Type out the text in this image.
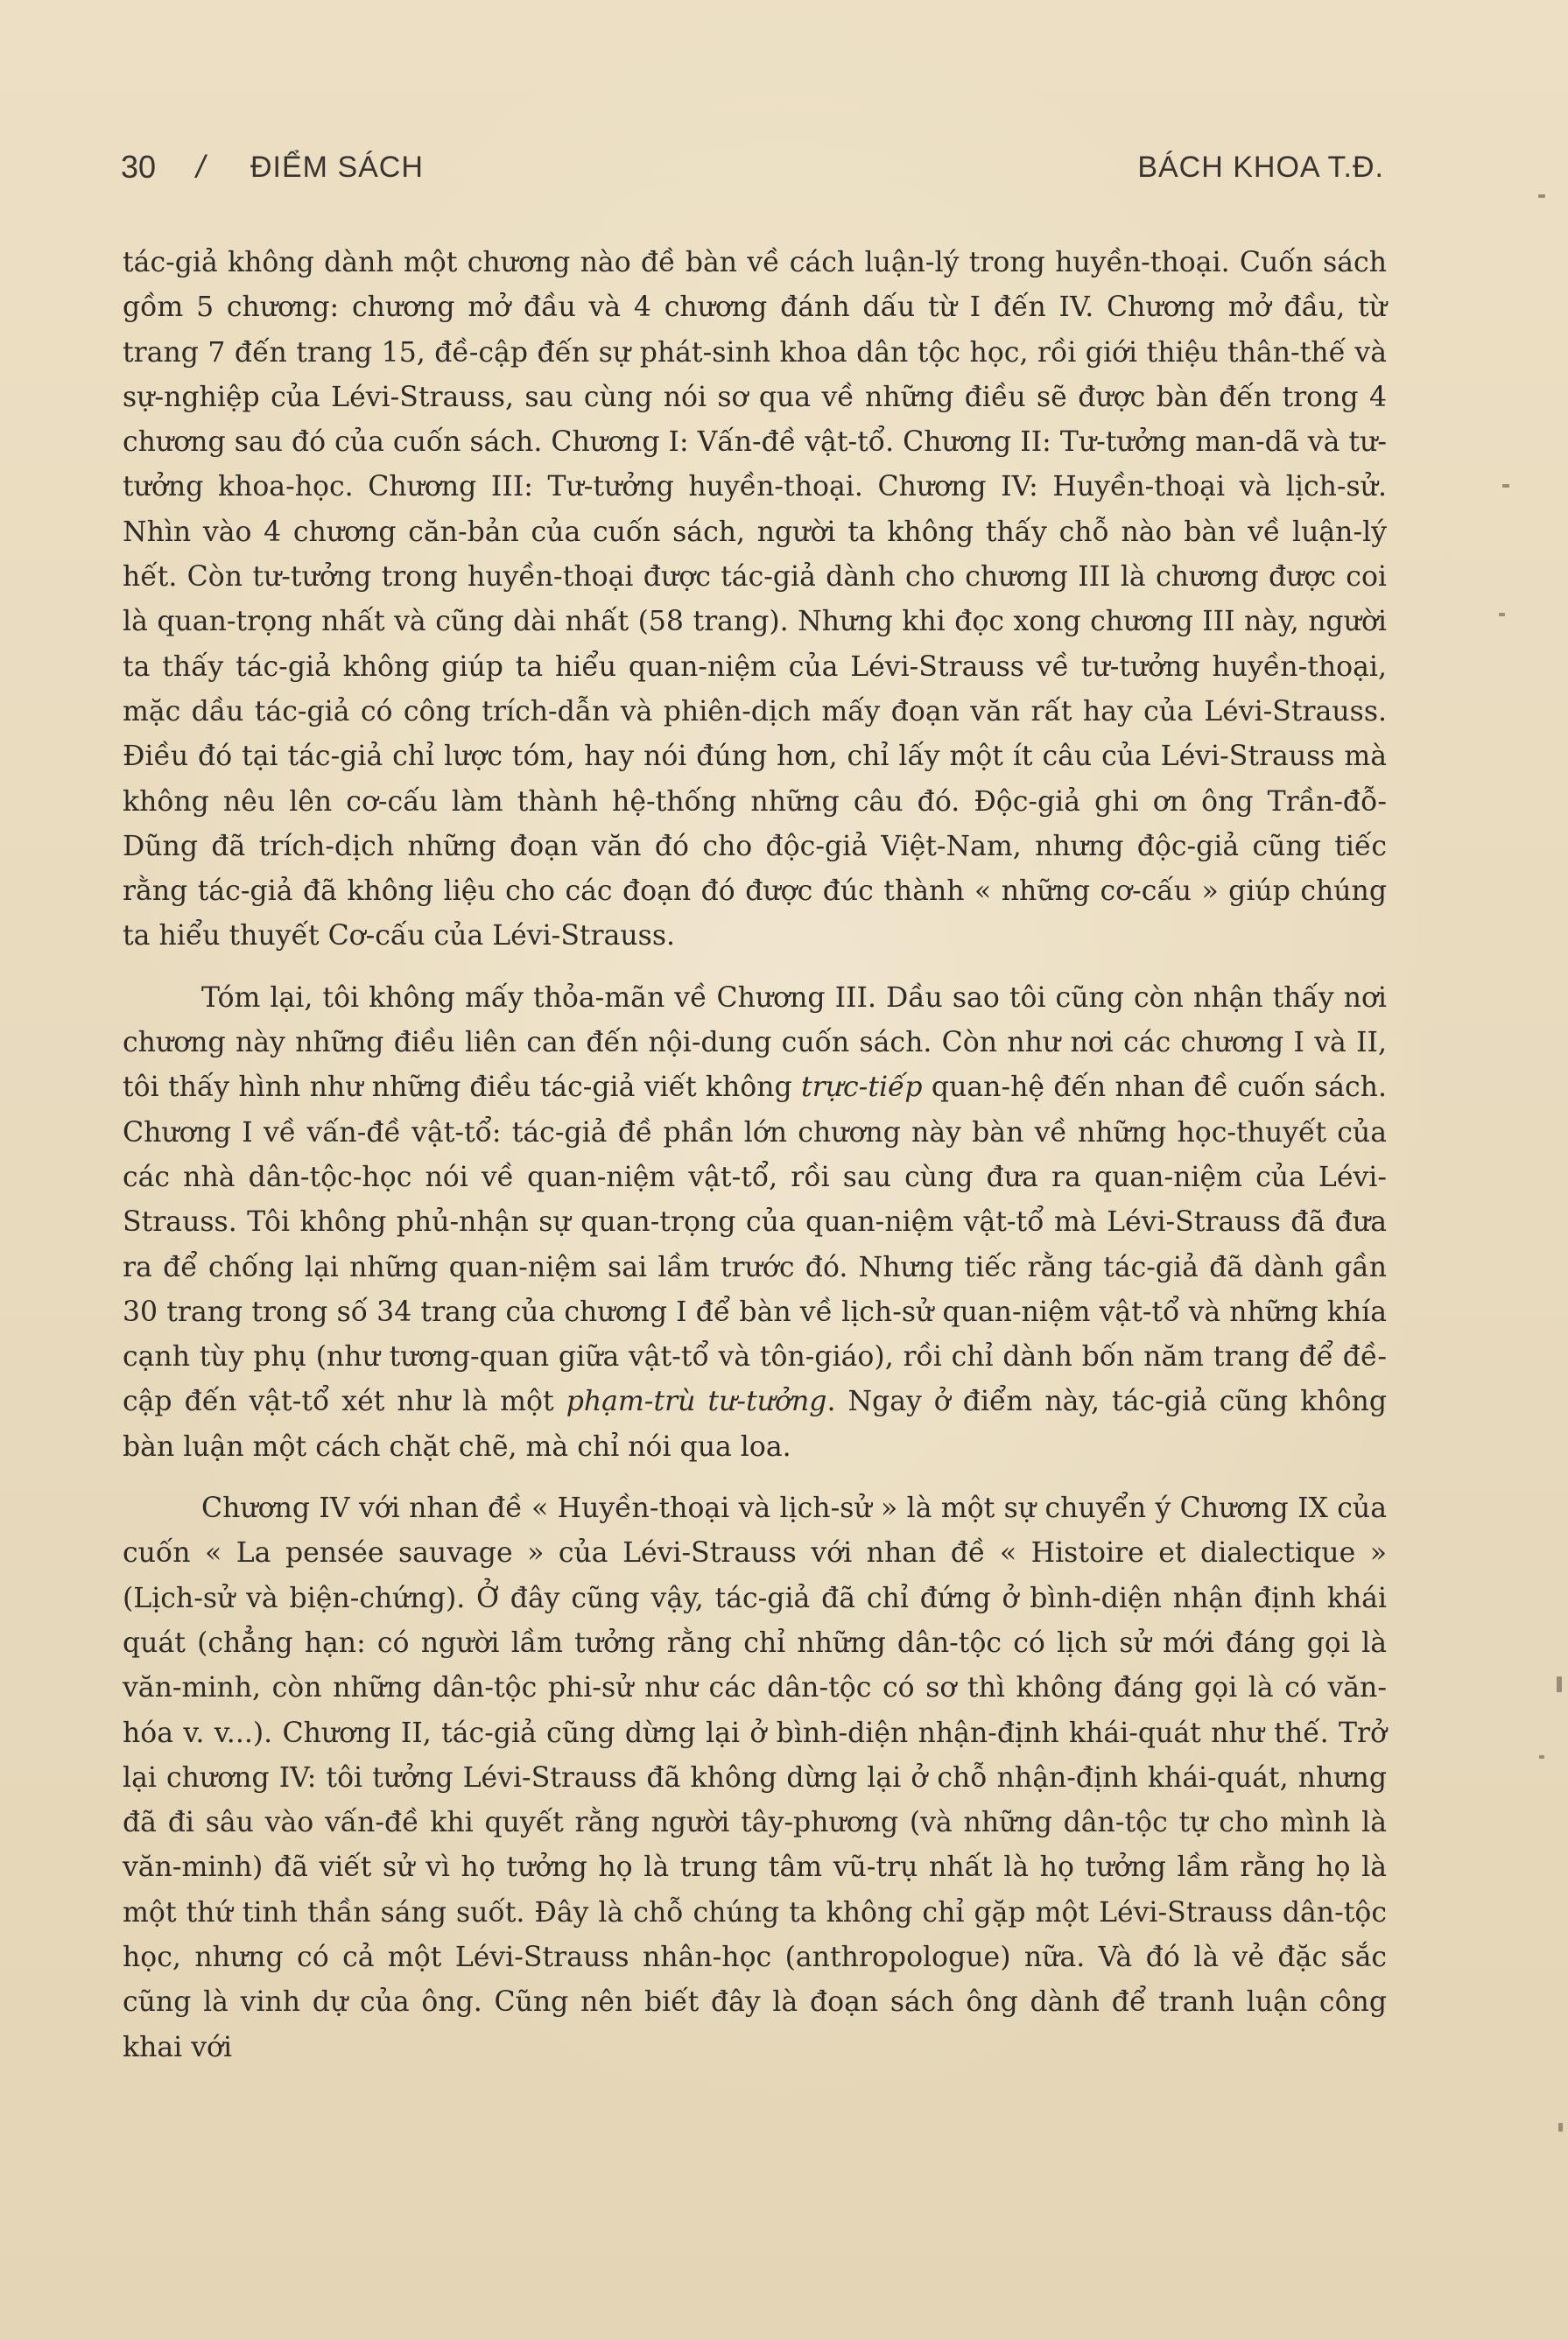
30 / ĐIỂM SÁCH	BÁCH KHOA T.Đ.

tác-giả không dành một chương nào đề bàn về cách luận-lý trong huyền-thoại. Cuốn sách gồm 5 chương: chương mở đầu và 4 chương đánh dấu từ I đến IV. Chương mở đầu, từ trang 7 đến trang 15, đề-cập đến sự phát-sinh khoa dân tộc học, rồi giới thiệu thân-thế và sự-nghiệp của Lévi-Strauss, sau cùng nói sơ qua về những điều sẽ được bàn đến trong 4 chương sau đó của cuốn sách. Chương I: Vấn-đề vật-tổ. Chương II: Tư-tưởng man-dã và tư-tưởng khoa-học. Chương III: Tư-tưởng huyền-thoại. Chương IV: Huyền-thoại và lịch-sử. Nhìn vào 4 chương căn-bản của cuốn sách, người ta không thấy chỗ nào bàn về luận-lý hết. Còn tư-tưởng trong huyền-thoại được tác-giả dành cho chương III là chương được coi là quan-trọng nhất và cũng dài nhất (58 trang). Nhưng khi đọc xong chương III này, người ta thấy tác-giả không giúp ta hiểu quan-niệm của Lévi-Strauss về tư-tưởng huyền-thoại, mặc dầu tác-giả có công trích-dẫn và phiên-dịch mấy đoạn văn rất hay của Lévi-Strauss. Điều đó tại tác-giả chỉ lược tóm, hay nói đúng hơn, chỉ lấy một ít câu của Lévi-Strauss mà không nêu lên cơ-cấu làm thành hệ-thống những câu đó. Độc-giả ghi ơn ông Trần-đỗ-Dũng đã trích-dịch những đoạn văn đó cho độc-giả Việt-Nam, nhưng độc-giả cũng tiếc rằng tác-giả đã không liệu cho các đoạn đó được đúc thành « những cơ-cấu » giúp chúng ta hiểu thuyết Cơ-cấu của Lévi-Strauss.

Tóm lại, tôi không mấy thỏa-mãn về Chương III. Dầu sao tôi cũng còn nhận thấy nơi chương này những điều liên can đến nội-dung cuốn sách. Còn như nơi các chương I và II, tôi thấy hình như những điều tác-giả viết không trực-tiếp quan-hệ đến nhan đề cuốn sách. Chương I về vấn-đề vật-tổ: tác-giả đề phần lớn chương này bàn về những học-thuyết của các nhà dân-tộc-học nói về quan-niệm vật-tổ, rồi sau cùng đưa ra quan-niệm của Lévi-Strauss. Tôi không phủ-nhận sự quan-trọng của quan-niệm vật-tổ mà Lévi-Strauss đã đưa ra để chống lại những quan-niệm sai lầm trước đó. Nhưng tiếc rằng tác-giả đã dành gần 30 trang trong số 34 trang của chương I để bàn về lịch-sử quan-niệm vật-tổ và những khía cạnh tùy phụ (như tương-quan giữa vật-tổ và tôn-giáo), rồi chỉ dành bốn năm trang để đề-cập đến vật-tổ xét như là một phạm-trù tư-tưởng. Ngay ở điểm này, tác-giả cũng không bàn luận một cách chặt chẽ, mà chỉ nói qua loa.

Chương IV với nhan đề « Huyền-thoại và lịch-sử » là một sự chuyển ý Chương IX của cuốn « La pensée sauvage » của Lévi-Strauss với nhan đề « Histoire et dialectique » (Lịch-sử và biện-chứng). Ở đây cũng vậy, tác-giả đã chỉ đứng ở bình-diện nhận định khái quát (chẳng hạn: có người lầm tưởng rằng chỉ những dân-tộc có lịch sử mới đáng gọi là văn-minh, còn những dân-tộc phi-sử như các dân-tộc có sơ thì không đáng gọi là có văn-hóa v. v...). Chương II, tác-giả cũng dừng lại ở bình-diện nhận-định khái-quát như thế. Trở lại chương IV: tôi tưởng Lévi-Strauss đã không dừng lại ở chỗ nhận-định khái-quát, nhưng đã đi sâu vào vấn-đề khi quyết rằng người tây-phương (và những dân-tộc tự cho mình là văn-minh) đã viết sử vì họ tưởng họ là trung tâm vũ-trụ nhất là họ tưởng lầm rằng họ là một thứ tinh thần sáng suốt. Đây là chỗ chúng ta không chỉ gặp một Lévi-Strauss dân-tộc học, nhưng có cả một Lévi-Strauss nhân-học (anthropologue) nữa. Và đó là vẻ đặc sắc cũng là vinh dự của ông. Cũng nên biết đây là đoạn sách ông dành để tranh luận công khai với
